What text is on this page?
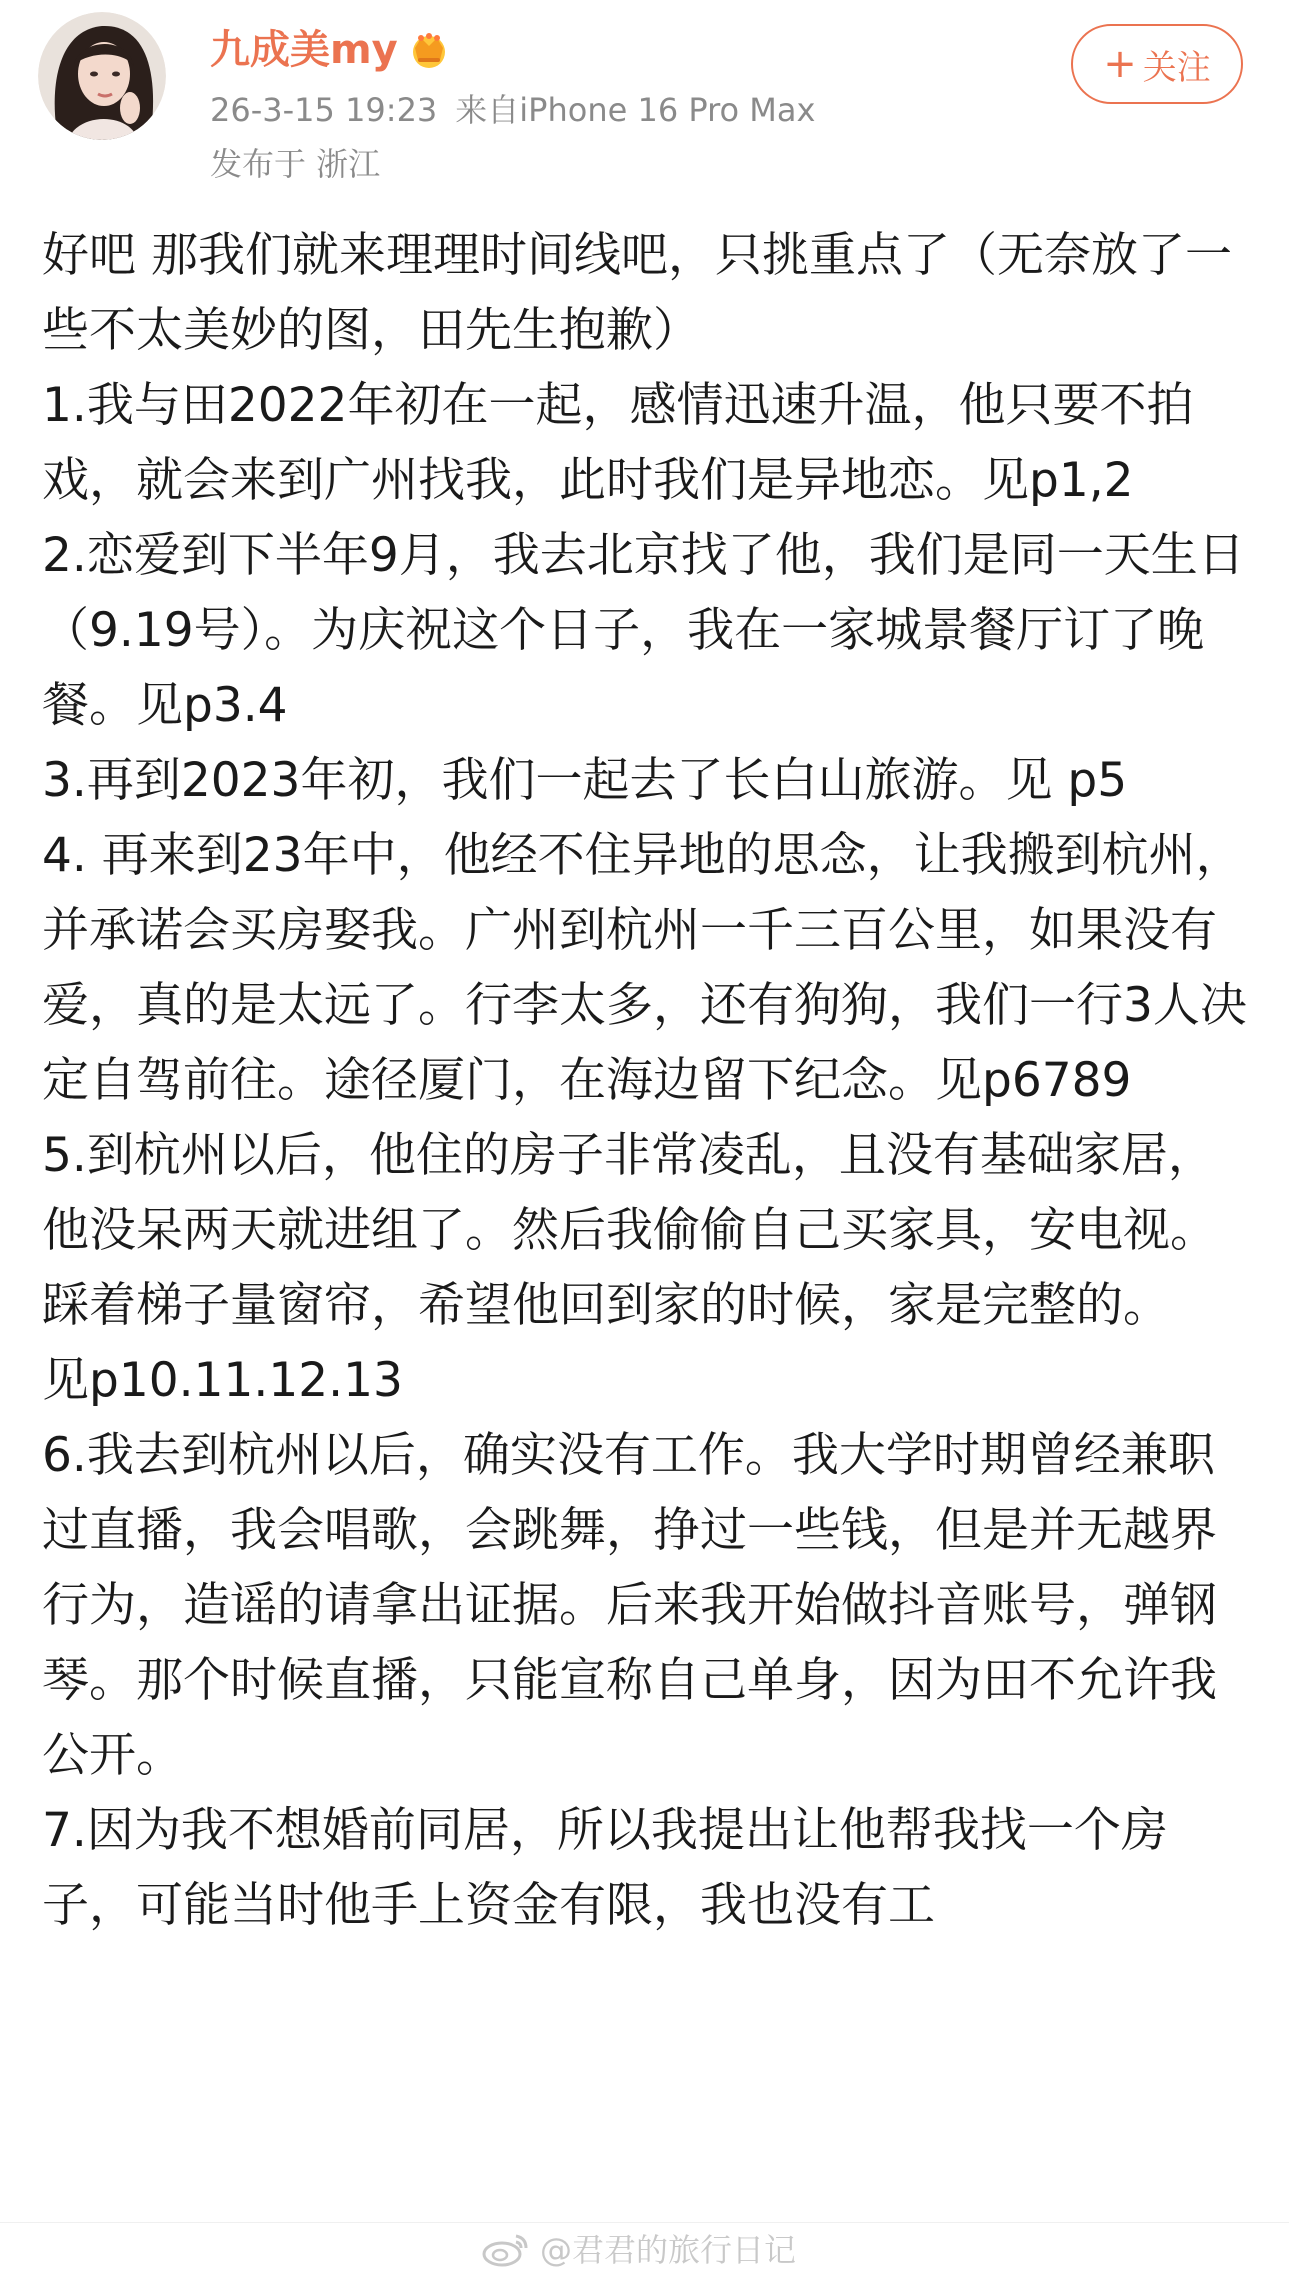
九成美my
26-3-15 19:23 来自iPhone 16 Pro Max
发布于 浙江
+ 关注

好吧 那我们就来理理时间线吧，只挑重点了（无奈放了一些不太美妙的图，田先生抱歉）

1.我与田2022年初在一起，感情迅速升温，他只要不拍戏，就会来到广州找我，此时我们是异地恋。见p1,2

2.恋爱到下半年9月，我去北京找了他，我们是同一天生日（9.19号）。为庆祝这个日子，我在一家城景餐厅订了晚餐。见p3.4

3.再到2023年初，我们一起去了长白山旅游。见 p5

4. 再来到23年中，他经不住异地的思念，让我搬到杭州，并承诺会买房娶我。广州到杭州一千三百公里，如果没有爱，真的是太远了。行李太多，还有狗狗，我们一行3人决定自驾前往。途径厦门，在海边留下纪念。见p6789

5.到杭州以后，他住的房子非常凌乱，且没有基础家居，他没呆两天就进组了。然后我偷偷自己买家具，安电视。踩着梯子量窗帘，希望他回到家的时候，家是完整的。

见p10.11.12.13

6.我去到杭州以后，确实没有工作。我大学时期曾经兼职过直播，我会唱歌，会跳舞，挣过一些钱，但是并无越界行为，造谣的请拿出证据。后来我开始做抖音账号，弹钢琴。那个时候直播，只能宣称自己单身，因为田不允许我公开。

7.因为我不想婚前同居，所以我提出让他帮我找一个房子，可能当时他手上资金有限，我也没有工

@君君的旅行日记
